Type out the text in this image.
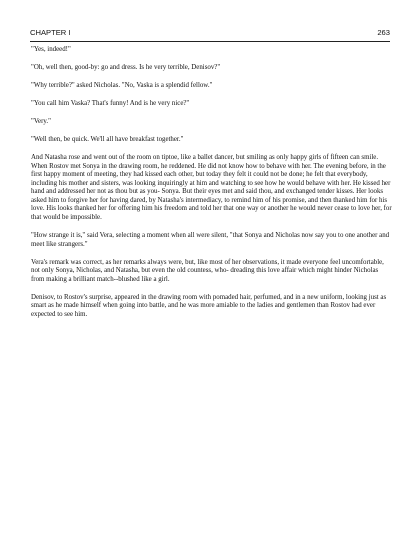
CHAPTER I	263

"Yes, indeed!"

"Oh, well then, good-by: go and dress. Is he very terrible, Denisov?"

"Why terrible?" asked Nicholas. "No, Vaska is a splendid fellow."

"You call him Vaska? That's funny! And is he very nice?"

"Very."

"Well then, be quick. We'll all have breakfast together."

And Natasha rose and went out of the room on tiptoe, like a ballet dancer, but smiling as only happy girls of fifteen can smile. When Rostov met Sonya in the drawing room, he reddened. He did not know how to behave with her. The evening before, in the first happy moment of meeting, they had kissed each other, but today they felt it could not be done; he felt that everybody, including his mother and sisters, was looking inquiringly at him and watching to see how he would behave with her. He kissed her hand and addressed her not as thou but as you- Sonya. But their eyes met and said thou, and exchanged tender kisses. Her looks asked him to forgive her for having dared, by Natasha's intermediacy, to remind him of his promise, and then thanked him for his love. His looks thanked her for offering him his freedom and told her that one way or another he would never cease to love her, for that would be impossible.

"How strange it is," said Vera, selecting a moment when all were silent, "that Sonya and Nicholas now say you to one another and meet like strangers."

Vera's remark was correct, as her remarks always were, but, like most of her observations, it made everyone feel uncomfortable, not only Sonya, Nicholas, and Natasha, but even the old countess, who- dreading this love affair which might hinder Nicholas from making a brilliant match--blushed like a girl.

Denisov, to Rostov's surprise, appeared in the drawing room with pomaded hair, perfumed, and in a new uniform, looking just as smart as he made himself when going into battle, and he was more amiable to the ladies and gentlemen than Rostov had ever expected to see him.
